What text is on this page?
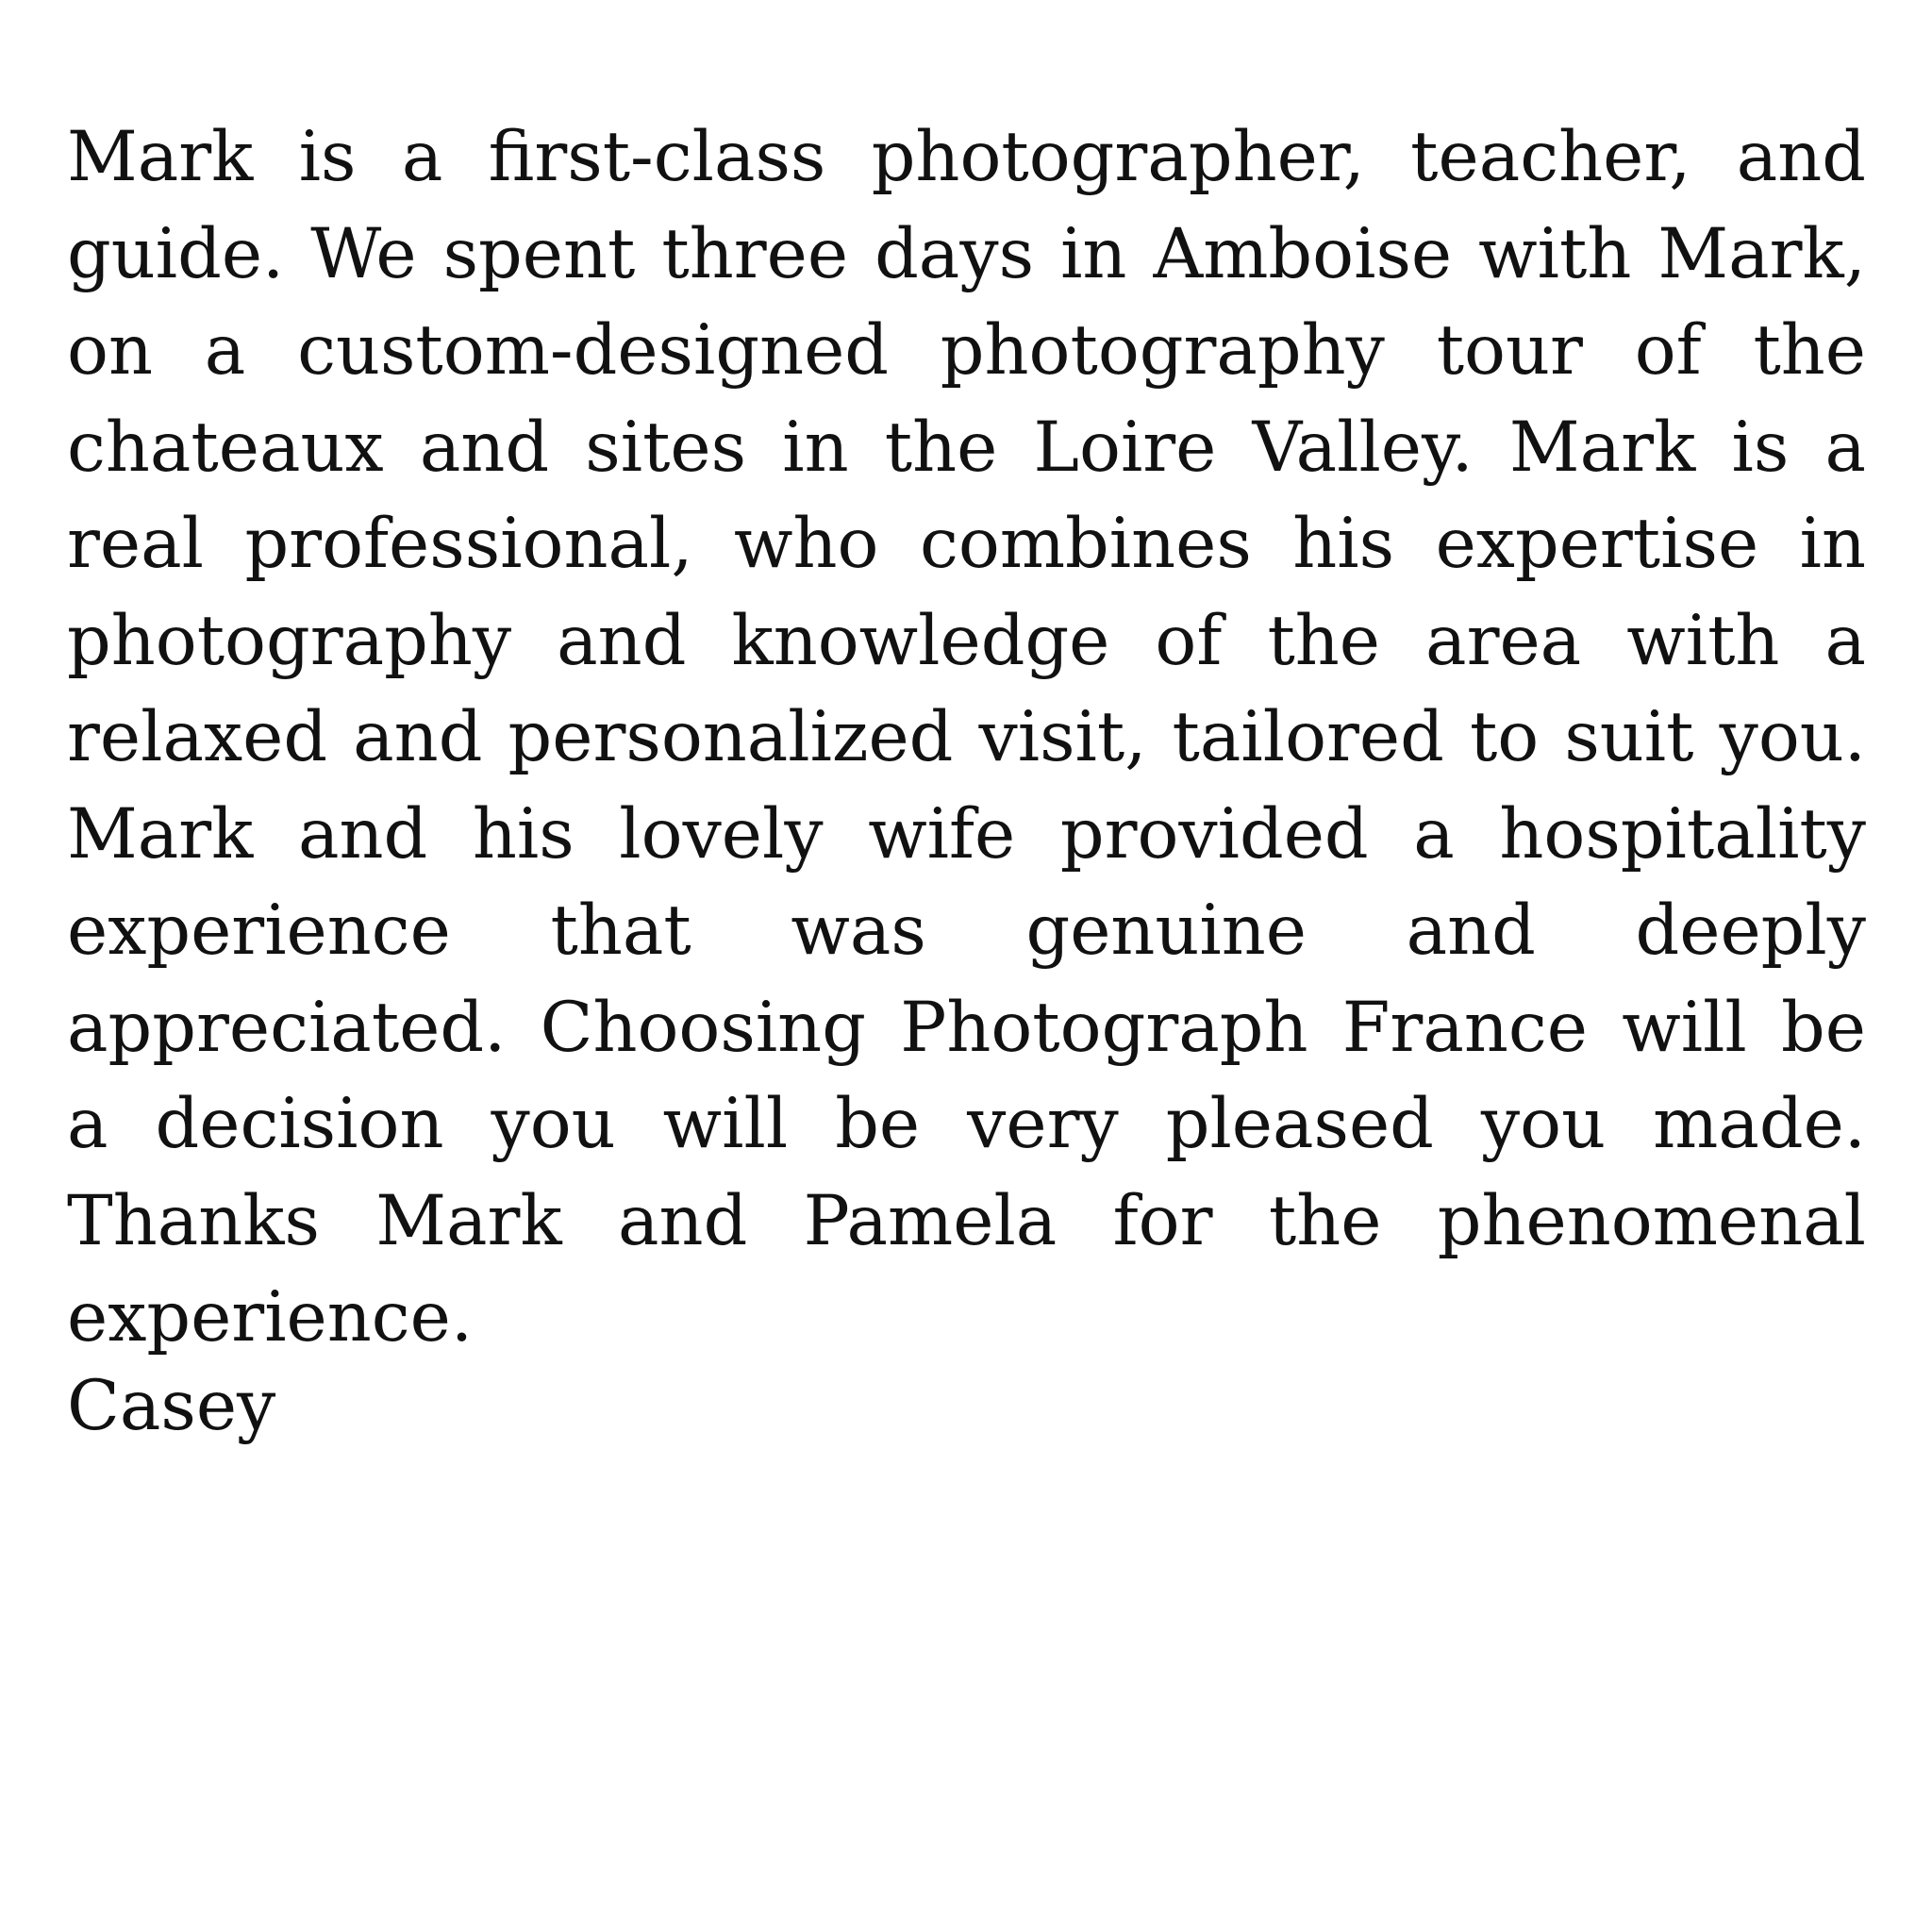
Mark is a first-class photographer, teacher, and guide. We spent three days in Amboise with Mark, on a custom-designed photography tour of the chateaux and sites in the Loire Valley. Mark is a real professional, who combines his expertise in photography and knowledge of the area with a relaxed and personalized visit, tailored to suit you. Mark and his lovely wife provided a hospitality experience that was genuine and deeply appreciated. Choosing Photograph France will be a decision you will be very pleased you made. Thanks Mark and Pamela for the phenomenal experience.

Casey
